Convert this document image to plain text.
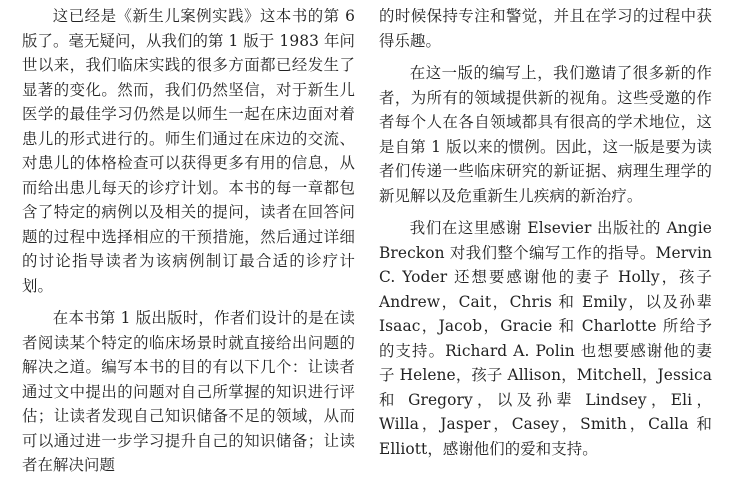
这已经是《新生儿案例实践》这本书的第 6 版了。毫无疑问，从我们的第 1 版于 1983 年问世以来，我们临床实践的很多方面都已经发生了显著的变化。然而，我们仍然坚信，对于新生儿医学的最佳学习仍然是以师生一起在床边面对着患儿的形式进行的。师生们通过在床边的交流、对患儿的体格检查可以获得更多有用的信息，从而给出患儿每天的诊疗计划。本书的每一章都包含了特定的病例以及相关的提问，读者在回答问题的过程中选择相应的干预措施，然后通过详细的讨论指导读者为该病例制订最合适的诊疗计划。

在本书第 1 版出版时，作者们设计的是在读者阅读某个特定的临床场景时就直接给出问题的解决之道。编写本书的目的有以下几个：让读者通过文中提出的问题对自己所掌握的知识进行评估；让读者发现自己知识储备不足的领域，从而可以通过进一步学习提升自己的知识储备；让读者在解决问题

的时候保持专注和警觉，并且在学习的过程中获得乐趣。

在这一版的编写上，我们邀请了很多新的作者，为所有的领域提供新的视角。这些受邀的作者每个人在各自领域都具有很高的学术地位，这是自第 1 版以来的惯例。因此，这一版是要为读者们传递一些临床研究的新证据、病理生理学的新见解以及危重新生儿疾病的新治疗。

我们在这里感谢 Elsevier 出版社的 Angie Breckon 对我们整个编写工作的指导。Mervin C. Yoder 还想要感谢他的妻子 Holly，孩子 Andrew，Cait，Chris 和 Emily，以及孙辈 Isaac，Jacob，Gracie 和 Charlotte 所给予的支持。Richard A. Polin 也想要感谢他的妻子 Helene，孩子 Allison，Mitchell，Jessica 和 Gregory，以及孙辈 Lindsey，Eli，Willa，Jasper，Casey，Smith，Calla 和 Elliott，感谢他们的爱和支持。
